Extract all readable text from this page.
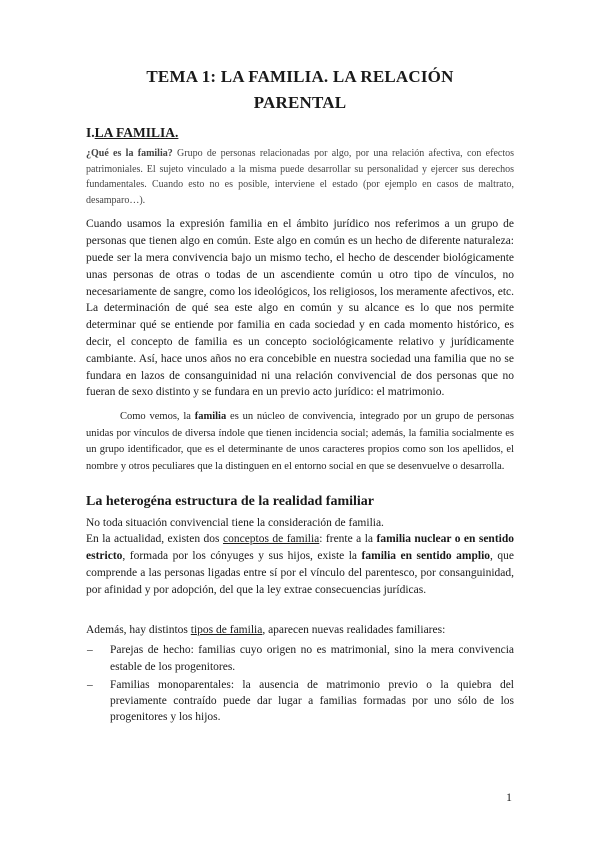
TEMA 1: LA FAMILIA. LA RELACIÓN PARENTAL
I.LA FAMILIA.

¿Qué es la familia? Grupo de personas relacionadas por algo, por una relación afectiva, con efectos patrimoniales. El sujeto vinculado a la misma puede desarrollar su personalidad y ejercer sus derechos fundamentales. Cuando esto no es posible, interviene el estado (por ejemplo en casos de maltrato, desamparo…).

Cuando usamos la expresión familia en el ámbito jurídico nos referimos a un grupo de personas que tienen algo en común. Este algo en común es un hecho de diferente naturaleza: puede ser la mera convivencia bajo un mismo techo, el hecho de descender biológicamente unas personas de otras o todas de un ascendiente común u otro tipo de vínculos, no necesariamente de sangre, como los ideológicos, los religiosos, los meramente afectivos, etc. La determinación de qué sea este algo en común y su alcance es lo que nos permite determinar qué se entiende por familia en cada sociedad y en cada momento histórico, es decir, el concepto de familia es un concepto sociológicamente relativo y jurídicamente cambiante. Así, hace unos años no era concebible en nuestra sociedad una familia que no se fundara en lazos de consanguinidad ni una relación convivencial de dos personas que no fueran de sexo distinto y se fundara en un previo acto jurídico: el matrimonio.

Como vemos, la familia es un núcleo de convivencia, integrado por un grupo de personas unidas por vínculos de diversa índole que tienen incidencia social; además, la familia socialmente es un grupo identificador, que es el determinante de unos caracteres propios como son los apellidos, el nombre y otros peculiares que la distinguen en el entorno social en que se desenvuelve o desarrolla.

La heterogéna estructura de la realidad familiar

No toda situación convivencial tiene la consideración de familia.

En la actualidad, existen dos conceptos de familia: frente a la familia nuclear o en sentido estricto, formada por los cónyuges y sus hijos, existe la familia en sentido amplio, que comprende a las personas ligadas entre sí por el vínculo del parentesco, por consanguinidad, por afinidad y por adopción, del que la ley extrae consecuencias jurídicas.

Además, hay distintos tipos de familia, aparecen nuevas realidades familiares:

– Parejas de hecho: familias cuyo origen no es matrimonial, sino la mera convivencia estable de los progenitores.
– Familias monoparentales: la ausencia de matrimonio previo o la quiebra del previamente contraído puede dar lugar a familias formadas por uno sólo de los progenitores y los hijos.
1
